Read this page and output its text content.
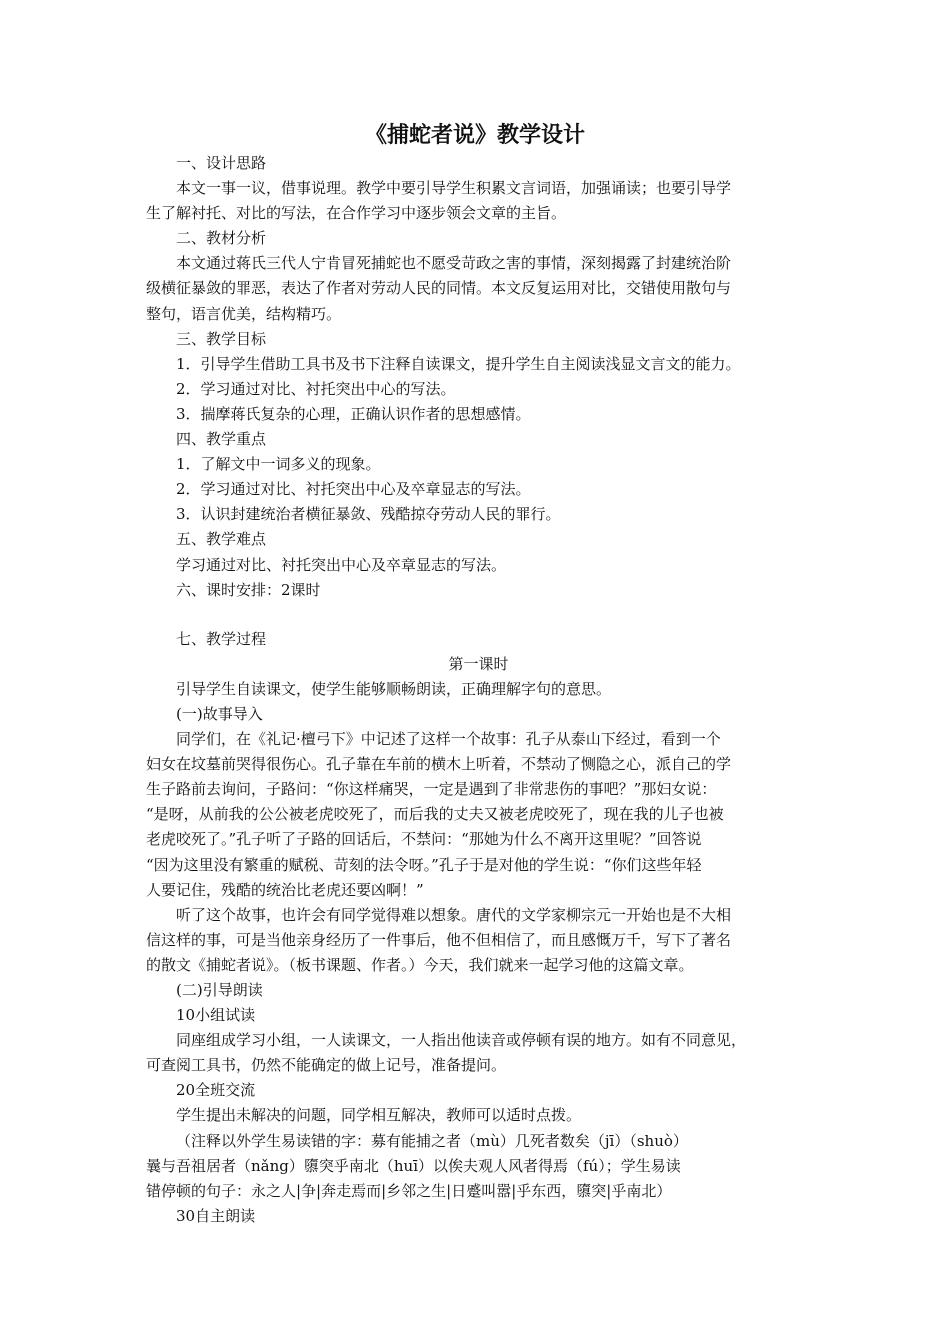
《捕蛇者说》教学设计
一、设计思路
本文一事一议，借事说理。教学中要引导学生积累文言词语，加强诵读；也要引导学
生了解衬托、对比的写法，在合作学习中逐步领会文章的主旨。
二、教材分析
本文通过蒋氏三代人宁肯冒死捕蛇也不愿受苛政之害的事情，深刻揭露了封建统治阶
级横征暴敛的罪恶，表达了作者对劳动人民的同情。本文反复运用对比，交错使用散句与
整句，语言优美，结构精巧。
三、教学目标
1．引导学生借助工具书及书下注释自读课文，提升学生自主阅读浅显文言文的能力。
2．学习通过对比、衬托突出中心的写法。
3．揣摩蒋氏复杂的心理，正确认识作者的思想感情。
四、教学重点
1．了解文中一词多义的现象。
2．学习通过对比、衬托突出中心及卒章显志的写法。
3．认识封建统治者横征暴敛、残酷掠夺劳动人民的罪行。
五、教学难点
学习通过对比、衬托突出中心及卒章显志的写法。
六、课时安排：2课时
七、教学过程
第一课时
引导学生自读课文，使学生能够顺畅朗读，正确理解字句的意思。
(一)故事导入
同学们，在《礼记·檀弓下》中记述了这样一个故事：孔子从泰山下经过，看到一个
妇女在坟墓前哭得很伤心。孔子靠在车前的横木上听着，不禁动了恻隐之心，派自己的学
生子路前去询问，子路问：“你这样痛哭，一定是遇到了非常悲伤的事吧？”那妇女说：
“是呀，从前我的公公被老虎咬死了，而后我的丈夫又被老虎咬死了，现在我的儿子也被
老虎咬死了。”孔子听了子路的回话后，不禁问：“那她为什么不离开这里呢？”回答说
“因为这里没有繁重的赋税、苛刻的法令呀。”孔子于是对他的学生说：“你们这些年轻
人要记住，残酷的统治比老虎还要凶啊！”
听了这个故事，也许会有同学觉得难以想象。唐代的文学家柳宗元一开始也是不大相
信这样的事，可是当他亲身经历了一件事后，他不但相信了，而且感慨万千，写下了著名
的散文《捕蛇者说》。（板书课题、作者。）今天，我们就来一起学习他的这篇文章。
(二)引导朗读
10小组试读
同座组成学习小组，一人读课文，一人指出他读音或停顿有误的地方。如有不同意见，
可查阅工具书，仍然不能确定的做上记号，准备提问。
20全班交流
学生提出未解决的问题，同学相互解决，教师可以适时点拨。
（注释以外学生易读错的字：募有能捕之者（mù）几死者数矣（jī）（shuò）
曩与吾祖居者（nǎng）隳突乎南北（huī）以俟夫观人风者得焉（fú）；学生易读
错停顿的句子：永之人|争|奔走焉而|乡邻之生|日蹙叫嚣|乎东西，隳突|乎南北）
30自主朗读
